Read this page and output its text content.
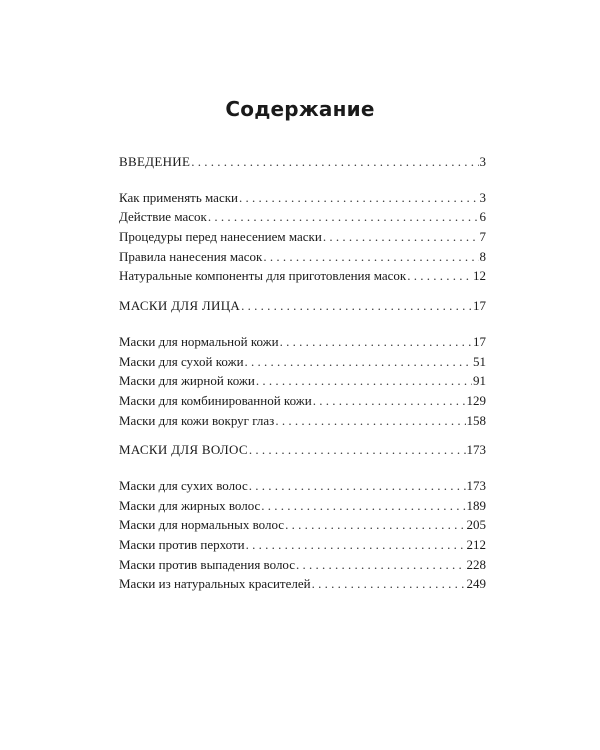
Содержание
ВВЕДЕНИЕ . . .	3
Как применять маски . . .	3
Действие масок . . .	6
Процедуры перед нанесением маски . . .	7
Правила нанесения масок . . .	8
Натуральные компоненты для приготовления масок . . .	12
МАСКИ ДЛЯ ЛИЦА . . .	17
Маски для нормальной кожи . . .	17
Маски для сухой кожи . . .	51
Маски для жирной кожи . . .	91
Маски для комбинированной кожи . . .	129
Маски для кожи вокруг глаз . . .	158
МАСКИ ДЛЯ ВОЛОС . . .	173
Маски для сухих волос . . .	173
Маски для жирных волос . . .	189
Маски для нормальных волос . . .	205
Маски против перхоти . . .	212
Маски против выпадения волос . . .	228
Маски из натуральных красителей . . .	249
